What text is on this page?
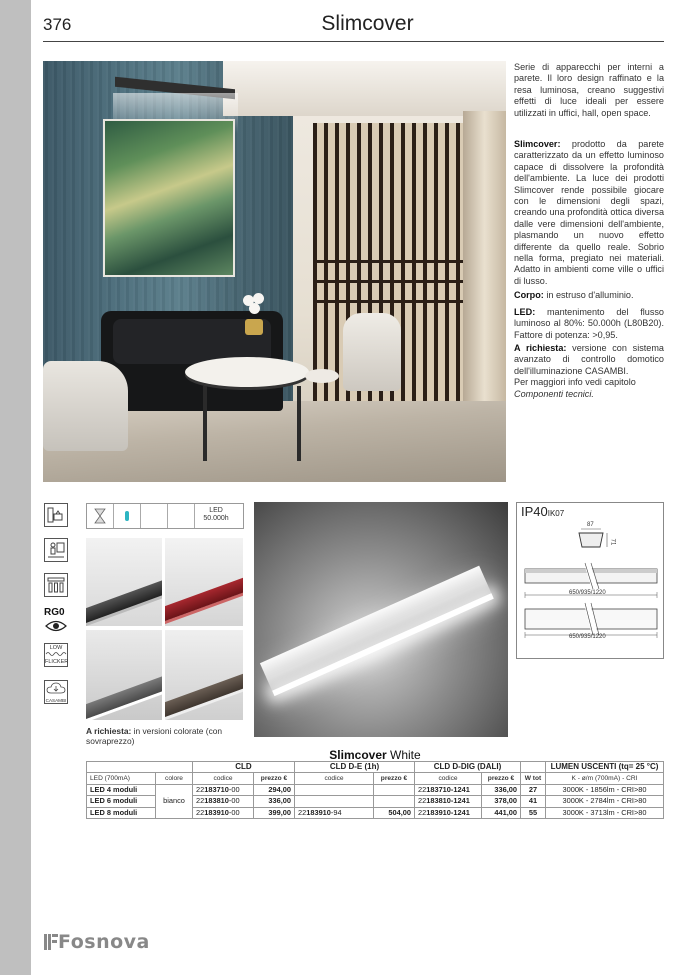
376	Slimcover

Serie di apparecchi per interni a parete. Il loro design raffinato e la resa luminosa, creano suggestivi effetti di luce ideali per essere utilizzati in uffici, hall, open space.

Slimcover: prodotto da parete caratterizzato da un effetto luminoso capace di dissolvere la profondità dell'ambiente. La luce dei prodotti Slimcover rende possibile giocare con le dimensioni degli spazi, creando una profondità ottica diversa dalle vere dimensioni dell'ambiente, plasmando un nuovo effetto differente da quello reale. Sobrio nella forma, pregiato nei materiali. Adatto in ambienti come ville o uffici di lusso.

Corpo: in estruso d'alluminio.

LED: mantenimento del flusso luminoso al 80%: 50.000h (L80B20). Fattore di potenza: >0,95.

A richiesta: versione con sistema avanzato di controllo domotico dell'illuminazione CASAMBI.

Per maggiori info vedi capitolo
Componenti tecnici.

RG0
LOW
FLICKER
CASAMBI
LED
50.000h
A richiesta: in versioni colorate (con sovraprezzo)
IP40IK07
87
71
650/935/1220
650/935/1220
Slimcover White
		CLD		CLD D-E (1h)		CLD D-DIG (DALI)			LUMEN USCENTI (tq= 25 °C)
LED (700mA)	colore	codice	prezzo €	codice	prezzo €	codice	prezzo €	W tot	K - ø/m (700mA) - CRI
LED 4 moduli	bianco	22183710-00	294,00			22183710-1241	336,00	27	3000K - 1856lm - CRI>80
LED 6 moduli		22183810-00	336,00			22183810-1241	378,00	41	3000K - 2784lm - CRI>80
LED 8 moduli		22183910-00	399,00	22183910-94	504,00	22183910-1241	441,00	55	3000K - 3713lm - CRI>80
Fosnova
